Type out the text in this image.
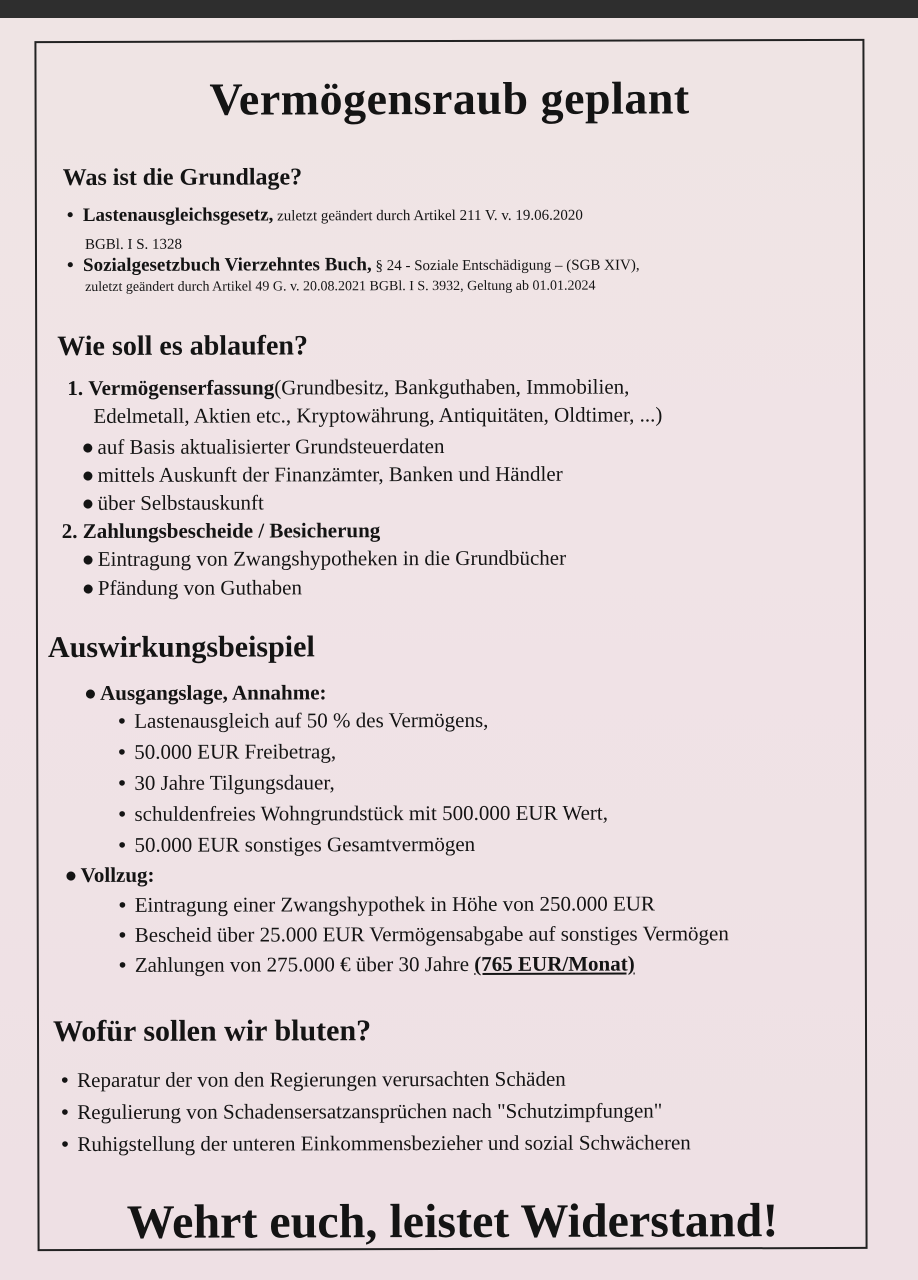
Vermögensraub geplant
Was ist die Grundlage?
• Lastenausgleichsgesetz, zuletzt geändert durch Artikel 211 V. v. 19.06.2020
BGBl. I S. 1328
• Sozialgesetzbuch Vierzehntes Buch, § 24 - Soziale Entschädigung – (SGB XIV),
zuletzt geändert durch Artikel 49 G. v. 20.08.2021 BGBl. I S. 3932, Geltung ab 01.01.2024
Wie soll es ablaufen?
1. Vermögenserfassung(Grundbesitz, Bankguthaben, Immobilien,
Edelmetall, Aktien etc., Kryptowährung, Antiquitäten, Oldtimer, ...)
● auf Basis aktualisierter Grundsteuerdaten
● mittels Auskunft der Finanzämter, Banken und Händler
● über Selbstauskunft
2. Zahlungsbescheide / Besicherung
● Eintragung von Zwangshypotheken in die Grundbücher
● Pfändung von Guthaben
Auswirkungsbeispiel
● Ausgangslage, Annahme:
• Lastenausgleich auf 50 % des Vermögens,
• 50.000 EUR Freibetrag,
• 30 Jahre Tilgungsdauer,
• schuldenfreies Wohngrundstück mit 500.000 EUR Wert,
• 50.000 EUR sonstiges Gesamtvermögen
● Vollzug:
• Eintragung einer Zwangshypothek in Höhe von 250.000 EUR
• Bescheid über 25.000 EUR Vermögensabgabe auf sonstiges Vermögen
• Zahlungen von 275.000 € über 30 Jahre (765 EUR/Monat)
Wofür sollen wir bluten?
• Reparatur der von den Regierungen verursachten Schäden
• Regulierung von Schadensersatzansprüchen nach "Schutzimpfungen"
• Ruhigstellung der unteren Einkommensbezieher und sozial Schwächeren
Wehrt euch, leistet Widerstand!
